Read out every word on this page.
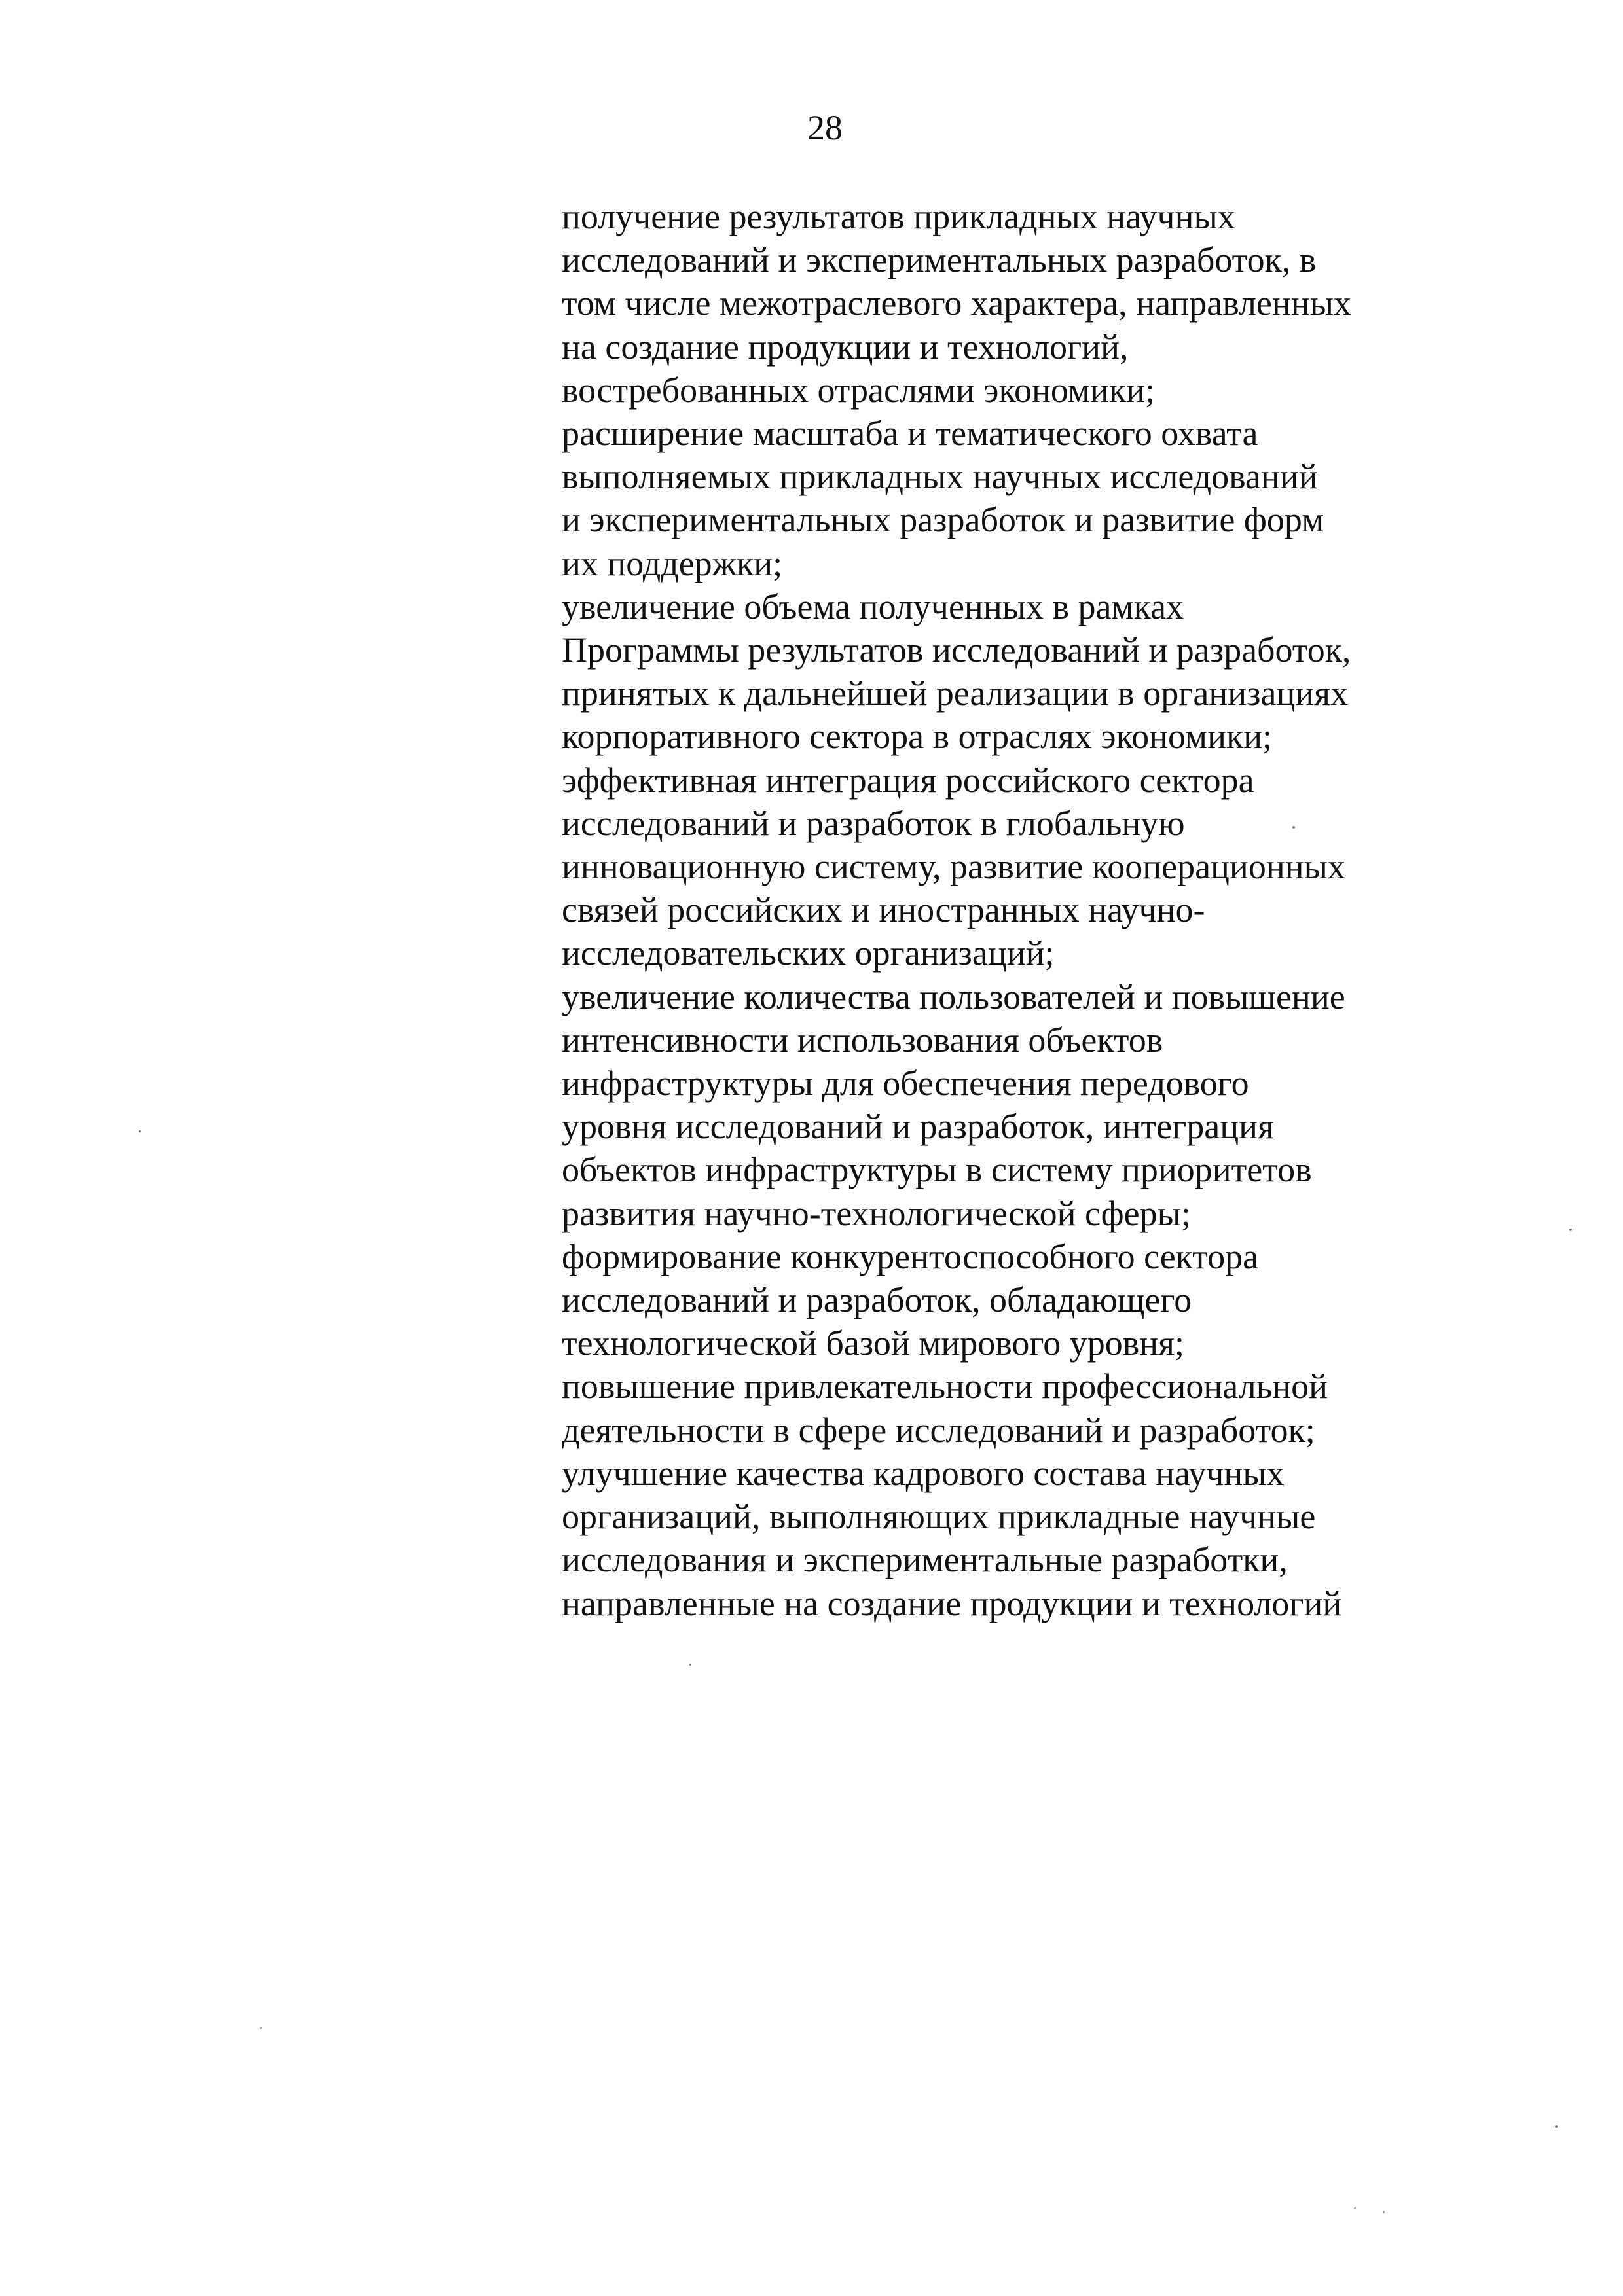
28
получение результатов прикладных научных
исследований и экспериментальных разработок, в
том числе межотраслевого характера, направленных
на создание продукции и технологий,
востребованных отраслями экономики;
расширение масштаба и тематического охвата
выполняемых прикладных научных исследований
и экспериментальных разработок и развитие форм
их поддержки;
увеличение объема полученных в рамках
Программы результатов исследований и разработок,
принятых к дальнейшей реализации в организациях
корпоративного сектора в отраслях экономики;
эффективная интеграция российского сектора
исследований и разработок в глобальную
инновационную систему, развитие кооперационных
связей российских и иностранных научно-
исследовательских организаций;
увеличение количества пользователей и повышение
интенсивности использования объектов
инфраструктуры для обеспечения передового
уровня исследований и разработок, интеграция
объектов инфраструктуры в систему приоритетов
развития научно-технологической сферы;
формирование конкурентоспособного сектора
исследований и разработок, обладающего
технологической базой мирового уровня;
повышение привлекательности профессиональной
деятельности в сфере исследований и разработок;
улучшение качества кадрового состава научных
организаций, выполняющих прикладные научные
исследования и экспериментальные разработки,
направленные на создание продукции и технологий
